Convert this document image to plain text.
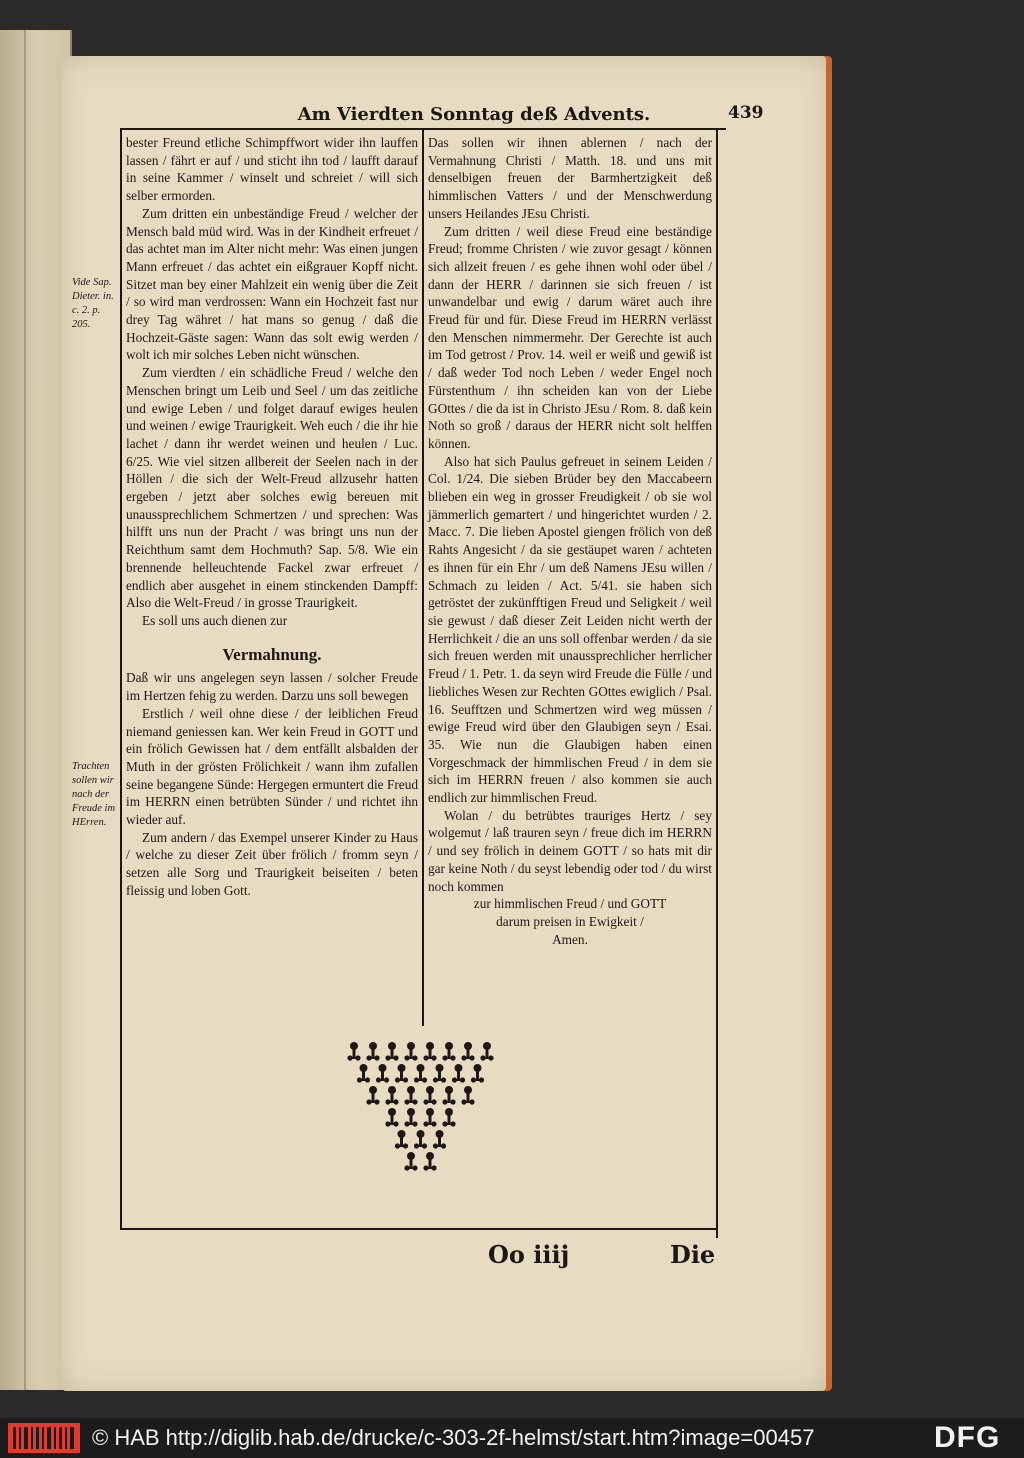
Am Vierdten Sonntag deß Advents.	439
Vide Sap. Dieter. in. c. 2. p. 205.
Trachten sollen wir nach der Freude im HErren.

bester Freund etliche Schimpffwort wider ihn lauffen lassen / fährt er auf / und sticht ihn tod / laufft darauf in seine Kammer / winselt und schreiet / will sich selber ermorden.

Zum dritten ein unbeständige Freud / welcher der Mensch bald müd wird. Was in der Kindheit erfreuet / das achtet man im Alter nicht mehr: Was einen jungen Mann erfreuet / das achtet ein eißgrauer Kopff nicht. Sitzet man bey einer Mahlzeit ein wenig über die Zeit / so wird man verdrossen: Wann ein Hochzeit fast nur drey Tag währet / hat mans so genug / daß die Hochzeit-Gäste sagen: Wann das solt ewig werden / wolt ich mir solches Leben nicht wünschen.

Zum vierdten / ein schädliche Freud / welche den Menschen bringt um Leib und Seel / um das zeitliche und ewige Leben / und folget darauf ewiges heulen und weinen / ewige Traurigkeit. Weh euch / die ihr hie lachet / dann ihr werdet weinen und heulen / Luc. 6/25. Wie viel sitzen allbereit der Seelen nach in der Höllen / die sich der Welt-Freud allzusehr hatten ergeben / jetzt aber solches ewig bereuen mit unaussprechlichem Schmertzen / und sprechen: Was hilfft uns nun der Pracht / was bringt uns nun der Reichthum samt dem Hochmuth? Sap. 5/8. Wie ein brennende helleuchtende Fackel zwar erfreuet / endlich aber ausgehet in einem stinckenden Dampff: Also die Welt-Freud / in grosse Traurigkeit.

Es soll uns auch dienen zur

Vermahnung.

Daß wir uns angelegen seyn lassen / solcher Freude im Hertzen fehig zu werden. Darzu uns soll bewegen

Erstlich / weil ohne diese / der leiblichen Freud niemand geniessen kan. Wer kein Freud in GOTT und ein frölich Gewissen hat / dem entfällt alsbalden der Muth in der grösten Frölichkeit / wann ihm zufallen seine begangene Sünde: Hergegen ermuntert die Freud im HERRN einen betrübten Sünder / und richtet ihn wieder auf.

Zum andern / das Exempel unserer Kinder zu Haus / welche zu dieser Zeit über frölich / fromm seyn / setzen alle Sorg und Traurigkeit beiseiten / beten fleissig und loben Gott.

Das sollen wir ihnen ablernen / nach der Vermahnung Christi / Matth. 18. und uns mit denselbigen freuen der Barmhertzigkeit deß himmlischen Vatters / und der Menschwerdung unsers Heilandes JEsu Christi.

Zum dritten / weil diese Freud eine beständige Freud; fromme Christen / wie zuvor gesagt / können sich allzeit freuen / es gehe ihnen wohl oder übel / dann der HERR / darinnen sie sich freuen / ist unwandelbar und ewig / darum wäret auch ihre Freud für und für. Diese Freud im HERRN verlässt den Menschen nimmermehr. Der Gerechte ist auch im Tod getrost / Prov. 14. weil er weiß und gewiß ist / daß weder Tod noch Leben / weder Engel noch Fürstenthum / ihn scheiden kan von der Liebe GOttes / die da ist in Christo JEsu / Rom. 8. daß kein Noth so groß / daraus der HERR nicht solt helffen können.

Also hat sich Paulus gefreuet in seinem Leiden / Col. 1/24. Die sieben Brüder bey den Maccabeern blieben ein weg in grosser Freudigkeit / ob sie wol jämmerlich gemartert / und hingerichtet wurden / 2. Macc. 7. Die lieben Apostel giengen frölich von deß Rahts Angesicht / da sie gestäupet waren / achteten es ihnen für ein Ehr / um deß Namens JEsu willen / Schmach zu leiden / Act. 5/41. sie haben sich getröstet der zukünfftigen Freud und Seligkeit / weil sie gewust / daß dieser Zeit Leiden nicht werth der Herrlichkeit / die an uns soll offenbar werden / da sie sich freuen werden mit unaussprechlicher herrlicher Freud / 1. Petr. 1. da seyn wird Freude die Fülle / und liebliches Wesen zur Rechten GOttes ewiglich / Psal. 16. Seufftzen und Schmertzen wird weg müssen / ewige Freud wird über den Glaubigen seyn / Esai. 35. Wie nun die Glaubigen haben einen Vorgeschmack der himmlischen Freud / in dem sie sich im HERRN freuen / also kommen sie auch endlich zur himmlischen Freud.

Wolan / du betrübtes trauriges Hertz / sey wolgemut / laß trauren seyn / freue dich im HERRN / und sey frölich in deinem GOTT / so hats mit dir gar keine Noth / du seyst lebendig oder tod / du wirst noch kommen

zur himmlischen Freud / und GOTT

darum preisen in Ewigkeit /

Amen.

Oo iiij	Die
© HAB http://diglib.hab.de/drucke/c-303-2f-helmst/start.htm?image=00457	DFG
